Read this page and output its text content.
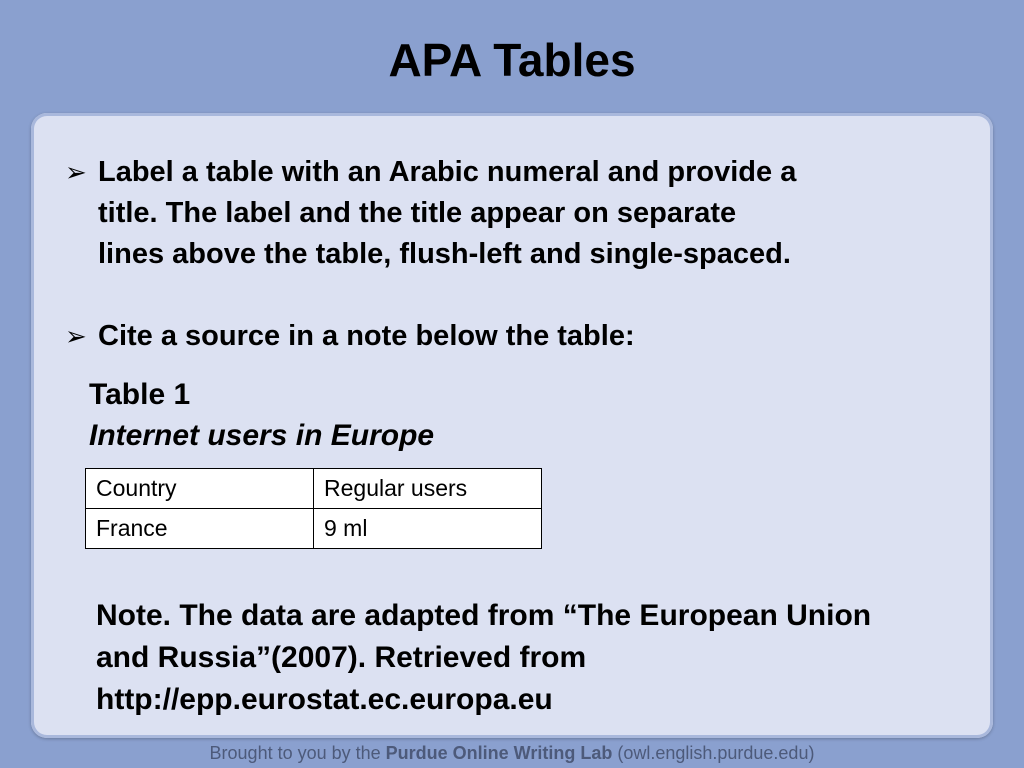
APA Tables
➢ Label a table with an Arabic numeral and provide a
title. The label and the title appear on separate
lines above the table, flush-left and single-spaced.
➢ Cite a source in a note below the table:
Table 1
Internet users in Europe
Country	Regular users
France	9 ml
Note. The data are adapted from “The European Union
and Russia”(2007). Retrieved from
http://epp.eurostat.ec.europa.eu
Brought to you by the Purdue Online Writing Lab (owl.english.purdue.edu)
